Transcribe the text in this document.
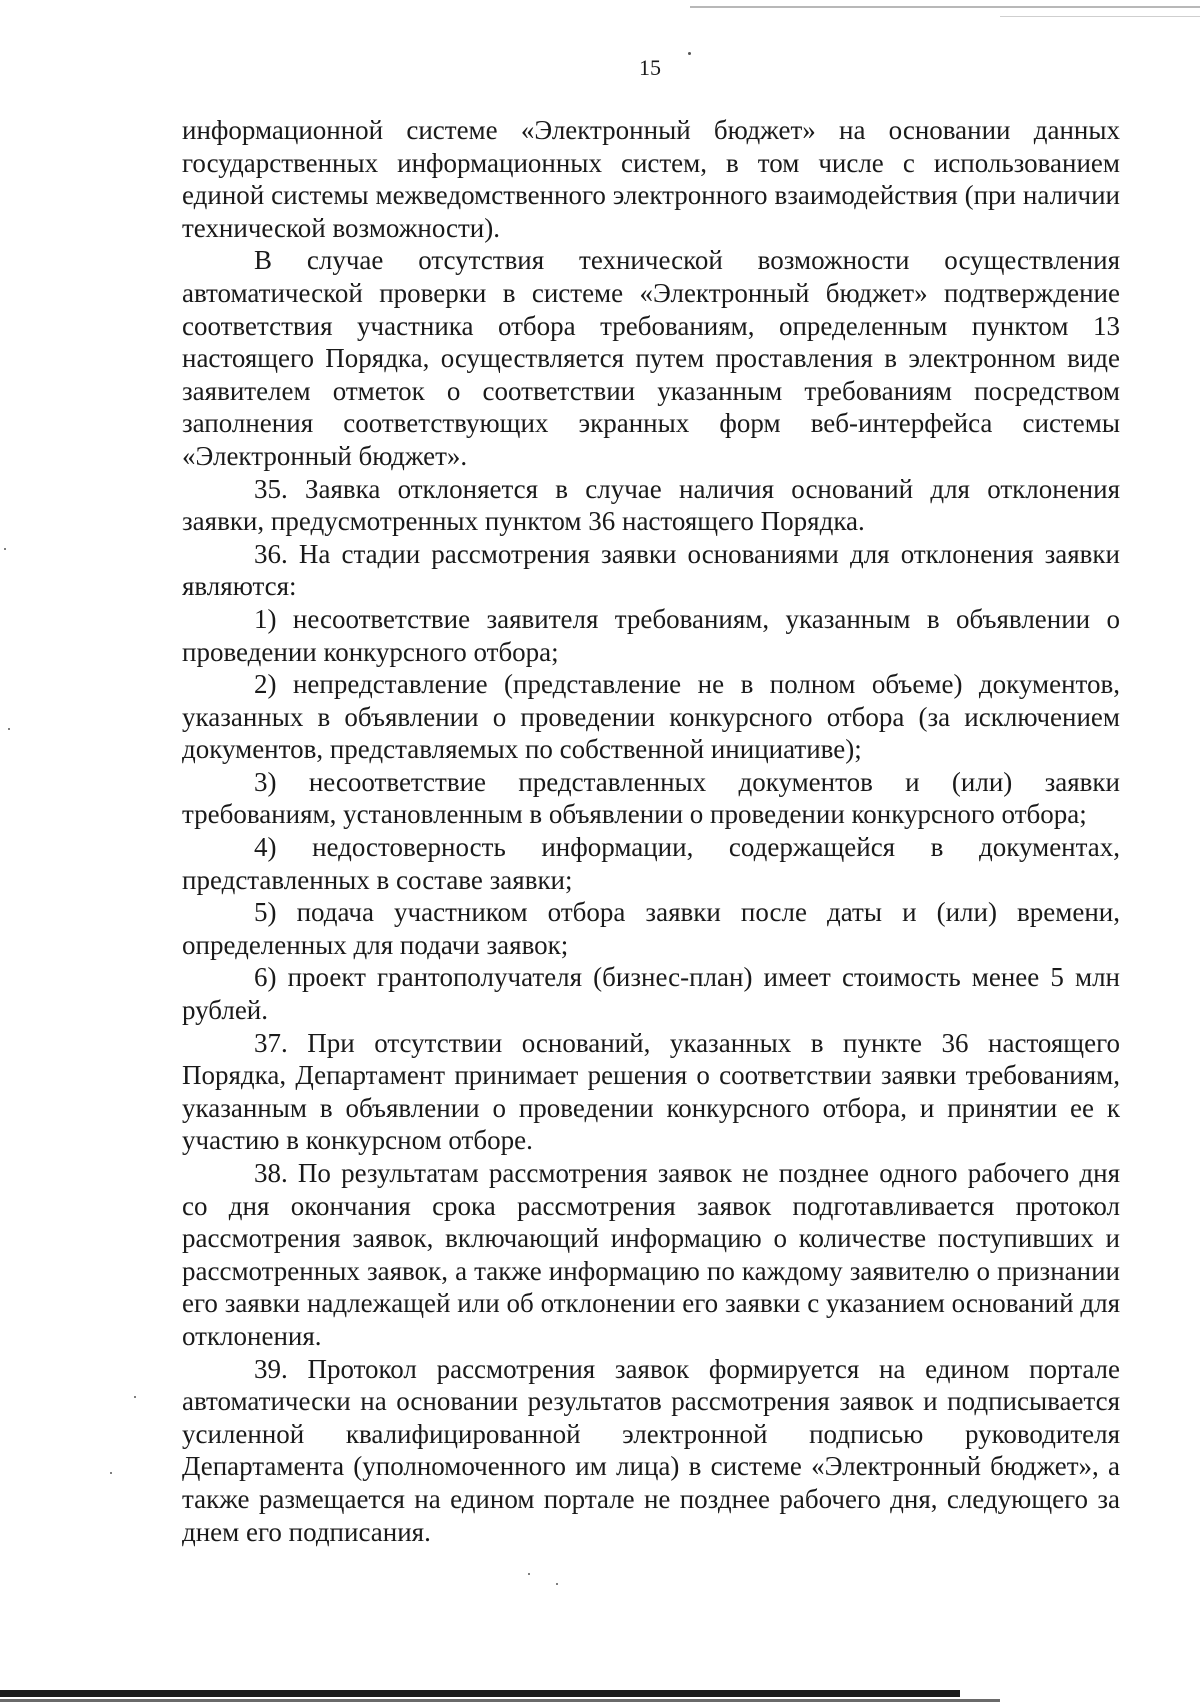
15

информационной системе «Электронный бюджет» на основании данных государственных информационных систем, в том числе с использованием единой системы межведомственного электронного взаимодействия (при наличии технической возможности).

В случае отсутствия технической возможности осуществления автоматической проверки в системе «Электронный бюджет» подтверждение соответствия участника отбора требованиям, определенным пунктом 13 настоящего Порядка, осуществляется путем проставления в электронном виде заявителем отметок о соответствии указанным требованиям посредством заполнения соответствующих экранных форм веб-интерфейса системы «Электронный бюджет».

35. Заявка отклоняется в случае наличия оснований для отклонения заявки, предусмотренных пунктом 36 настоящего Порядка.

36. На стадии рассмотрения заявки основаниями для отклонения заявки являются:

1) несоответствие заявителя требованиям, указанным в объявлении о проведении конкурсного отбора;

2) непредставление (представление не в полном объеме) документов, указанных в объявлении о проведении конкурсного отбора (за исключением документов, представляемых по собственной инициативе);

3) несоответствие представленных документов и (или) заявки требованиям, установленным в объявлении о проведении конкурсного отбора;

4) недостоверность информации, содержащейся в документах, представленных в составе заявки;

5) подача участником отбора заявки после даты и (или) времени, определенных для подачи заявок;

6) проект грантополучателя (бизнес-план) имеет стоимость менее 5 млн рублей.

37. При отсутствии оснований, указанных в пункте 36 настоящего Порядка, Департамент принимает решения о соответствии заявки требованиям, указанным в объявлении о проведении конкурсного отбора, и принятии ее к участию в конкурсном отборе.

38. По результатам рассмотрения заявок не позднее одного рабочего дня со дня окончания срока рассмотрения заявок подготавливается протокол рассмотрения заявок, включающий информацию о количестве поступивших и рассмотренных заявок, а также информацию по каждому заявителю о признании его заявки надлежащей или об отклонении его заявки с указанием оснований для отклонения.

39. Протокол рассмотрения заявок формируется на едином портале автоматически на основании результатов рассмотрения заявок и подписывается усиленной квалифицированной электронной подписью руководителя Департамента (уполномоченного им лица) в системе «Электронный бюджет», а также размещается на едином портале не позднее рабочего дня, следующего за днем его подписания.
